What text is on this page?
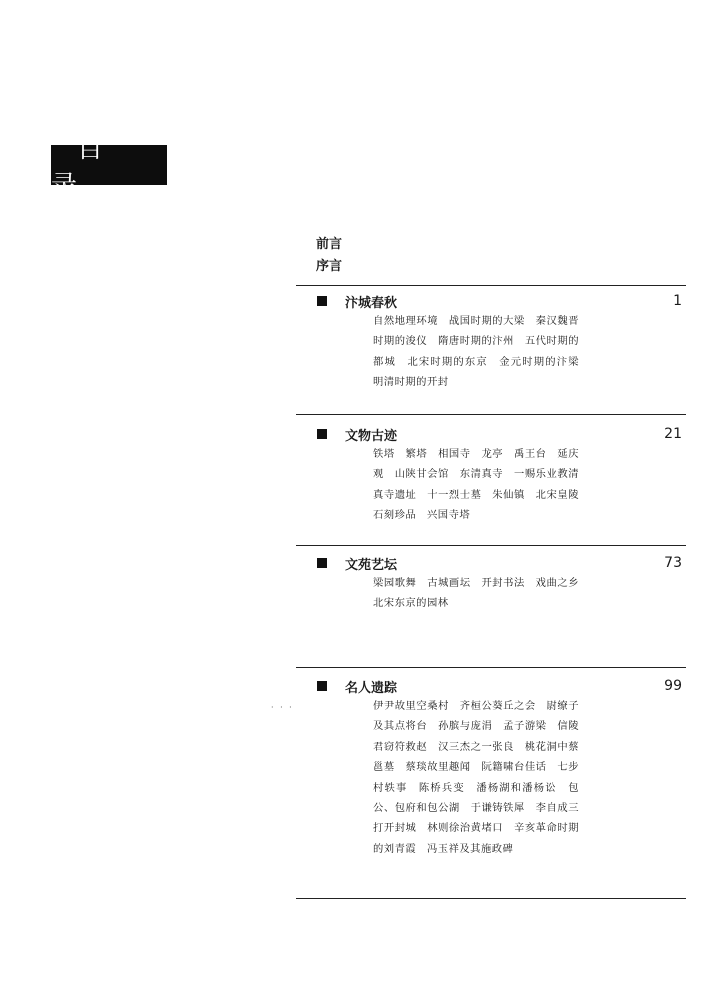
目 录
前言
序言
汴城春秋	1
自然地理环境　战国时期的大梁　秦汉魏晋时期的浚仪　隋唐时期的汴州　五代时期的都城　北宋时期的东京　金元时期的汴梁　明清时期的开封
文物古迹	21
铁塔　繁塔　相国寺　龙亭　禹王台　延庆观　山陕甘会馆　东清真寺　一赐乐业教清真寺遗址　十一烈士墓　朱仙镇　北宋皇陵　石刻珍品　兴国寺塔
文苑艺坛	73
梁园歌舞　古城画坛　开封书法　戏曲之乡　北宋东京的园林
· · ·
名人遗踪	99
伊尹故里空桑村　齐桓公葵丘之会　尉缭子及其点将台　孙膑与庞涓　孟子游梁　信陵君窃符救赵　汉三杰之一张良　桃花洞中蔡邕墓　蔡琰故里趣闻　阮籍啸台佳话　七步村轶事　陈桥兵变　潘杨湖和潘杨讼　包公、包府和包公湖　于谦铸铁犀　李自成三打开封城　林则徐治黄堵口　辛亥革命时期的刘青霞　冯玉祥及其施政碑
